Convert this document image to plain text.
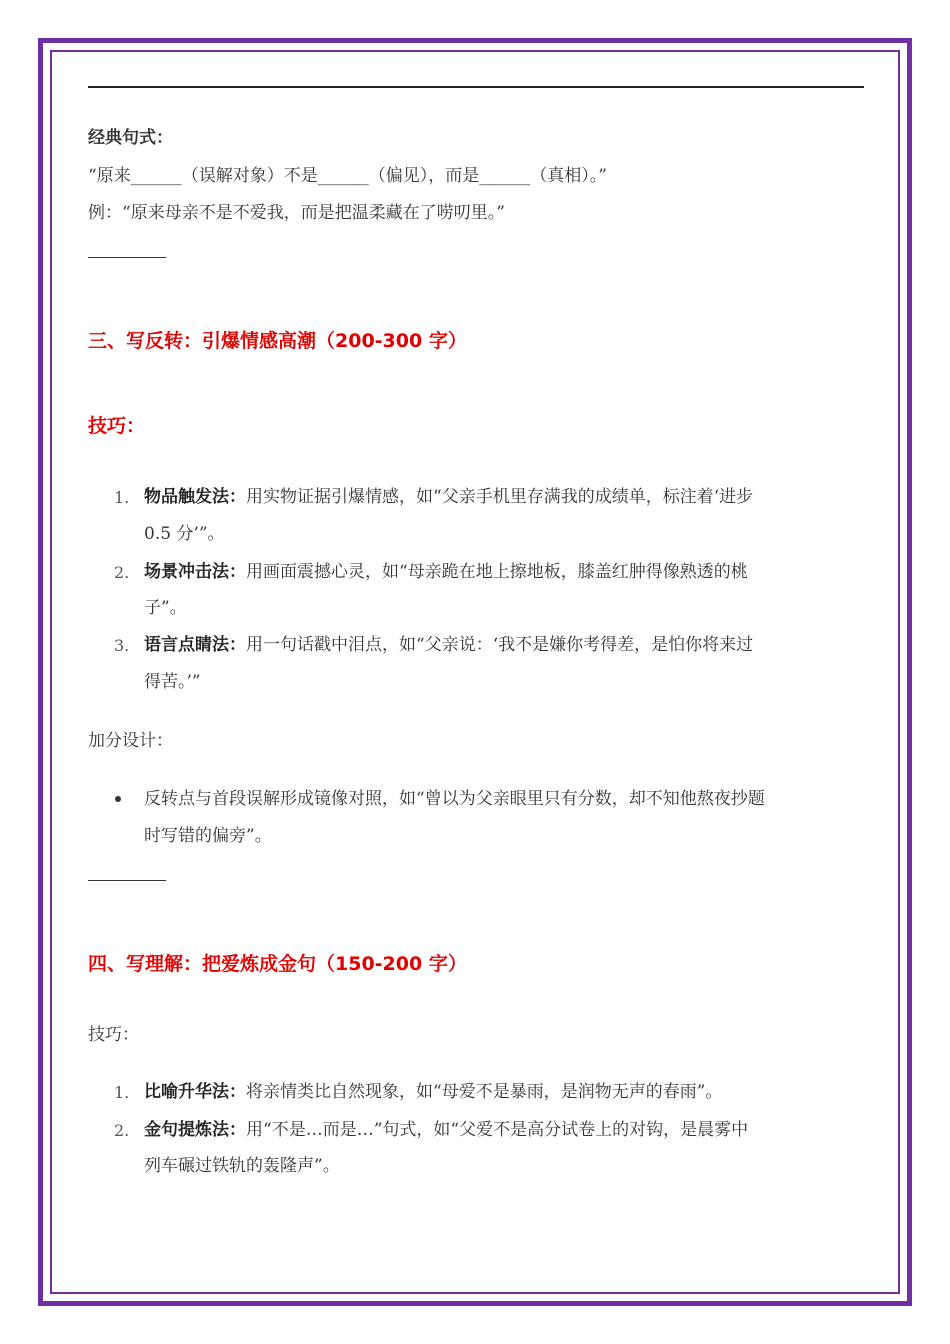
经典句式：
“原来______（误解对象）不是______（偏见），而是______（真相）。”
例：“原来母亲不是不爱我，而是把温柔藏在了唠叨里。”
三、写反转：引爆情感高潮（200-300 字）
技巧：
1. 物品触发法：用实物证据引爆情感，如“父亲手机里存满我的成绩单，标注着‘进步
0.5 分’”。
2. 场景冲击法：用画面震撼心灵，如“母亲跪在地上擦地板，膝盖红肿得像熟透的桃
子”。
3. 语言点睛法：用一句话戳中泪点，如“父亲说：‘我不是嫌你考得差，是怕你将来过
得苦。’”
加分设计：
反转点与首段误解形成镜像对照，如“曾以为父亲眼里只有分数，却不知他熬夜抄题
时写错的偏旁”。
四、写理解：把爱炼成金句（150-200 字）
技巧：
1. 比喻升华法：将亲情类比自然现象，如“母爱不是暴雨，是润物无声的春雨”。
2. 金句提炼法：用“不是…而是…”句式，如“父爱不是高分试卷上的对钩，是晨雾中
列车碾过铁轨的轰隆声”。
